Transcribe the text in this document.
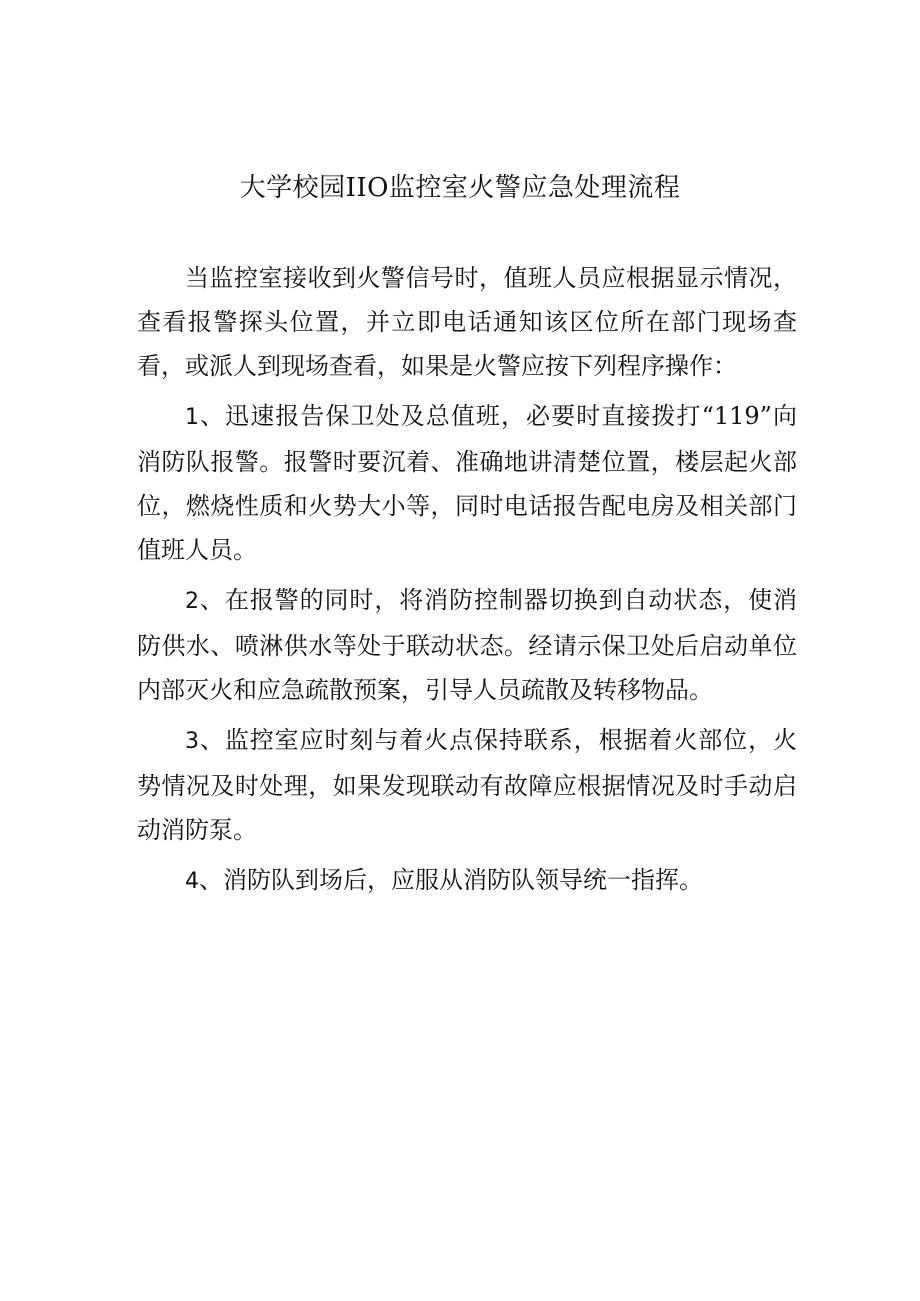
大学校园IIO监控室火警应急处理流程

当监控室接收到火警信号时，值班人员应根据显示情况，查看报警探头位置，并立即电话通知该区位所在部门现场查看，或派人到现场查看，如果是火警应按下列程序操作：

1、迅速报告保卫处及总值班，必要时直接拨打“119”向消防队报警。报警时要沉着、准确地讲清楚位置，楼层起火部位，燃烧性质和火势大小等，同时电话报告配电房及相关部门值班人员。

2、在报警的同时，将消防控制器切换到自动状态，使消防供水、喷淋供水等处于联动状态。经请示保卫处后启动单位内部灭火和应急疏散预案，引导人员疏散及转移物品。

3、监控室应时刻与着火点保持联系，根据着火部位，火势情况及时处理，如果发现联动有故障应根据情况及时手动启动消防泵。

4、消防队到场后，应服从消防队领导统一指挥。
